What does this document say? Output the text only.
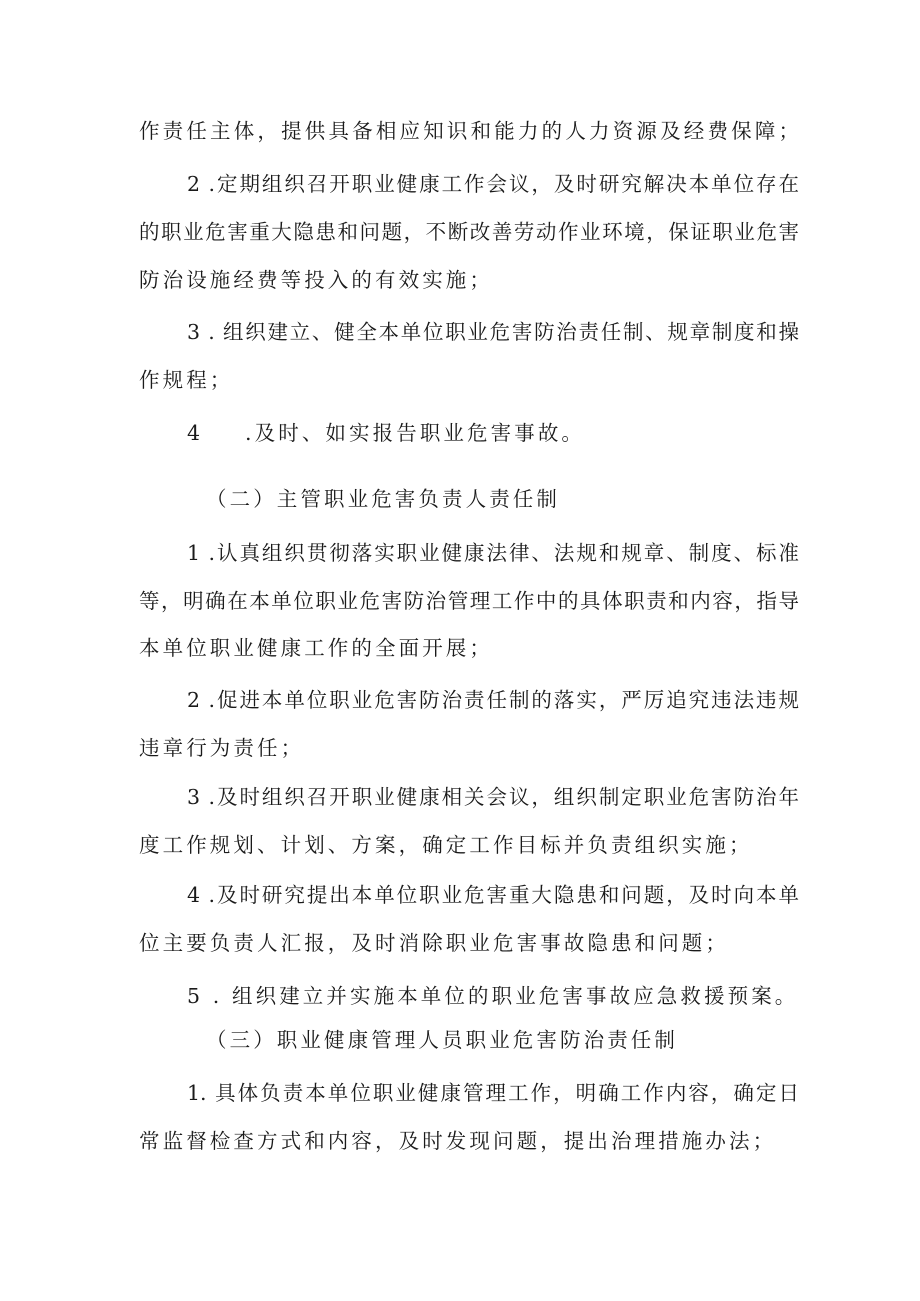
作责任主体，提供具备相应知识和能力的人力资源及经费保障；
2 .定期组织召开职业健康工作会议，及时研究解决本单位存在
的职业危害重大隐患和问题，不断改善劳动作业环境，保证职业危害
防治设施经费等投入的有效实施；
3 . 组织建立、健全本单位职业危害防治责任制、规章制度和操
作规程；
4 .及时、如实报告职业危害事故。
（二）主管职业危害负责人责任制
1 .认真组织贯彻落实职业健康法律、法规和规章、制度、标准
等，明确在本单位职业危害防治管理工作中的具体职责和内容，指导
本单位职业健康工作的全面开展；
2 .促进本单位职业危害防治责任制的落实，严厉追究违法违规
违章行为责任；
3 .及时组织召开职业健康相关会议，组织制定职业危害防治年
度工作规划、计划、方案，确定工作目标并负责组织实施；
4 .及时研究提出本单位职业危害重大隐患和问题，及时向本单
位主要负责人汇报，及时消除职业危害事故隐患和问题；
5 . 组织建立并实施本单位的职业危害事故应急救援预案。
（三）职业健康管理人员职业危害防治责任制
1. 具体负责本单位职业健康管理工作，明确工作内容，确定日
常监督检查方式和内容，及时发现问题，提出治理措施办法；
